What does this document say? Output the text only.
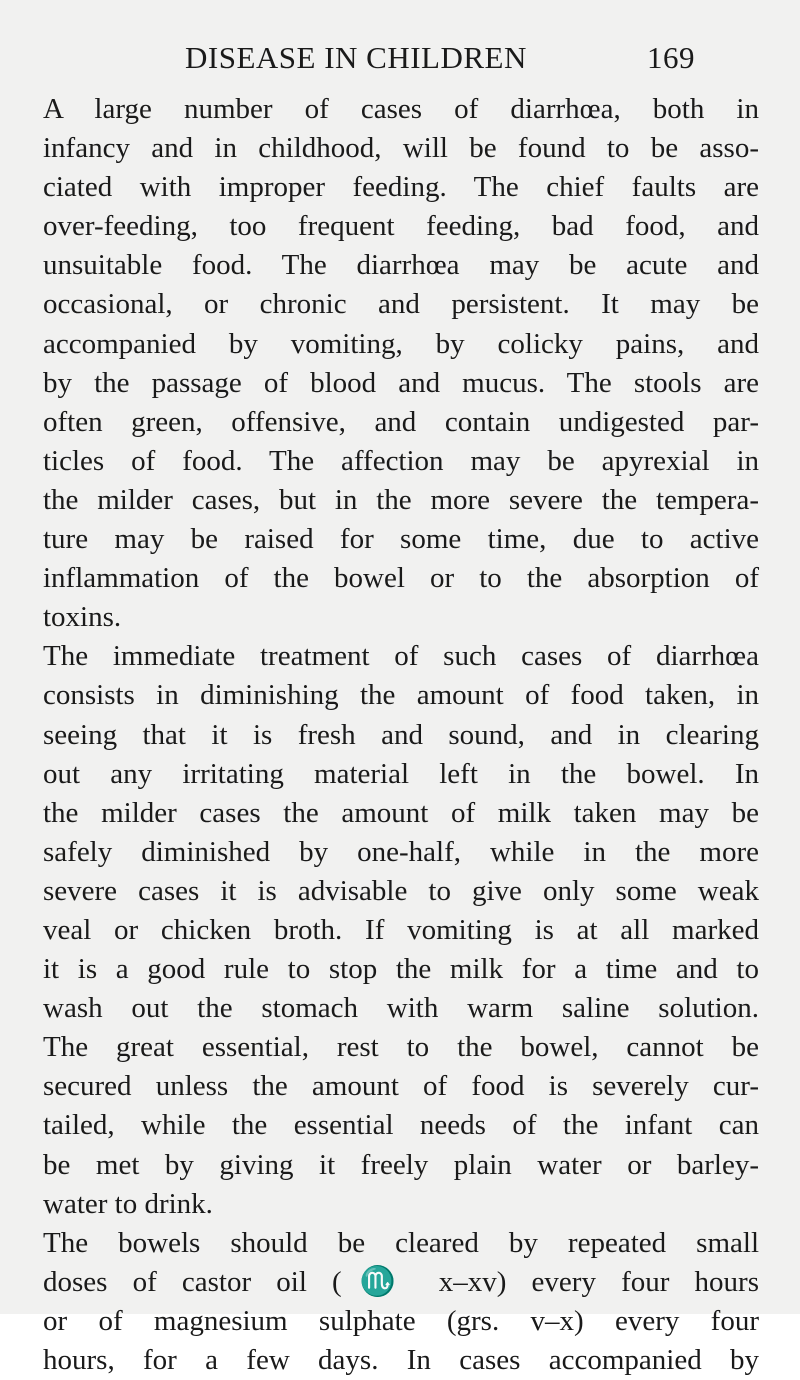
DISEASE IN CHILDREN	169
A large number of cases of diarrhœa, both in
infancy and in childhood, will be found to be asso-
ciated with improper feeding. The chief faults are
over-feeding, too frequent feeding, bad food, and
unsuitable food. The diarrhœa may be acute and
occasional, or chronic and persistent. It may be
accompanied by vomiting, by colicky pains, and
by the passage of blood and mucus. The stools are
often green, offensive, and contain undigested par-
ticles of food. The affection may be apyrexial in
the milder cases, but in the more severe the tempera-
ture may be raised for some time, due to active
inflammation of the bowel or to the absorption of
toxins.
The immediate treatment of such cases of diarrhœa
consists in diminishing the amount of food taken, in
seeing that it is fresh and sound, and in clearing
out any irritating material left in the bowel. In
the milder cases the amount of milk taken may be
safely diminished by one-half, while in the more
severe cases it is advisable to give only some weak
veal or chicken broth. If vomiting is at all marked
it is a good rule to stop the milk for a time and to
wash out the stomach with warm saline solution.
The great essential, rest to the bowel, cannot be
secured unless the amount of food is severely cur-
tailed, while the essential needs of the infant can
be met by giving it freely plain water or barley-
water to drink.
The bowels should be cleared by repeated small
doses of castor oil (♏ x–xv) every four hours
or of magnesium sulphate (grs. v–x) every four
hours, for a few days. In cases accompanied by
